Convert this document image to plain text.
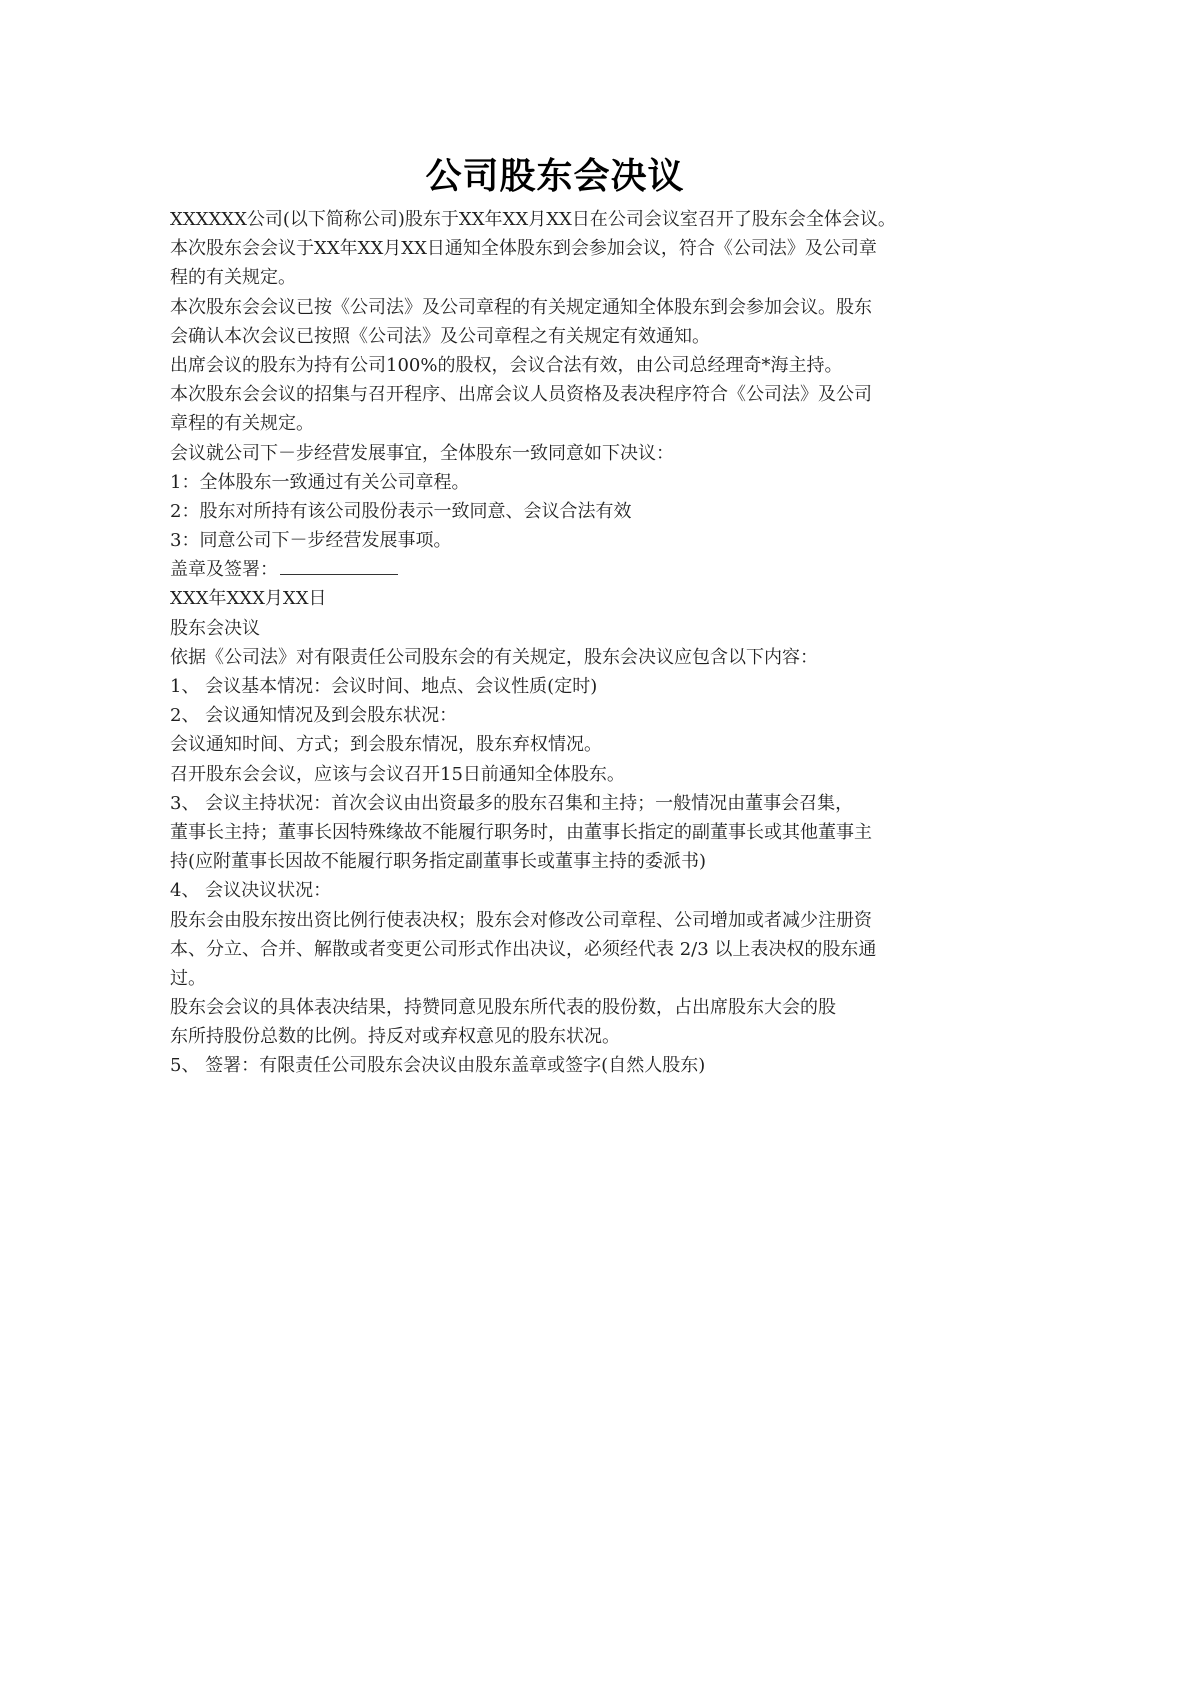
公司股东会决议
XXXXXX公司(以下简称公司)股东于XX年XX月XX日在公司会议室召开了股东会全体会议。
本次股东会会议于XX年XX月XX日通知全体股东到会参加会议，符合《公司法》及公司章
程的有关规定。
本次股东会会议已按《公司法》及公司章程的有关规定通知全体股东到会参加会议。股东
会确认本次会议已按照《公司法》及公司章程之有关规定有效通知。
出席会议的股东为持有公司100%的股权，会议合法有效，由公司总经理奇*海主持。
本次股东会会议的招集与召开程序、出席会议人员资格及表决程序符合《公司法》及公司
章程的有关规定。
会议就公司下－步经营发展事宜，全体股东一致同意如下决议：
1：全体股东一致通过有关公司章程。
2：股东对所持有该公司股份表示一致同意、会议合法有效
3：同意公司下－步经营发展事项。
盖章及签署：
XXX年XXX月XX日
股东会决议
依据《公司法》对有限责任公司股东会的有关规定，股东会决议应包含以下内容：
1、 会议基本情况：会议时间、地点、会议性质(定时)
2、 会议通知情况及到会股东状况：
会议通知时间、方式；到会股东情况，股东弃权情况。
召开股东会会议，应该与会议召开15日前通知全体股东。
3、 会议主持状况：首次会议由出资最多的股东召集和主持；一般情况由董事会召集，
董事长主持；董事长因特殊缘故不能履行职务时，由董事长指定的副董事长或其他董事主
持(应附董事长因故不能履行职务指定副董事长或董事主持的委派书)
4、 会议决议状况：
股东会由股东按出资比例行使表决权；股东会对修改公司章程、公司增加或者减少注册资
本、分立、合并、解散或者变更公司形式作出决议，必须经代表 2/3 以上表决权的股东通
过。
股东会会议的具体表决结果，持赞同意见股东所代表的股份数，占出席股东大会的股
东所持股份总数的比例。持反对或弃权意见的股东状况。
5、 签署：有限责任公司股东会决议由股东盖章或签字(自然人股东)
